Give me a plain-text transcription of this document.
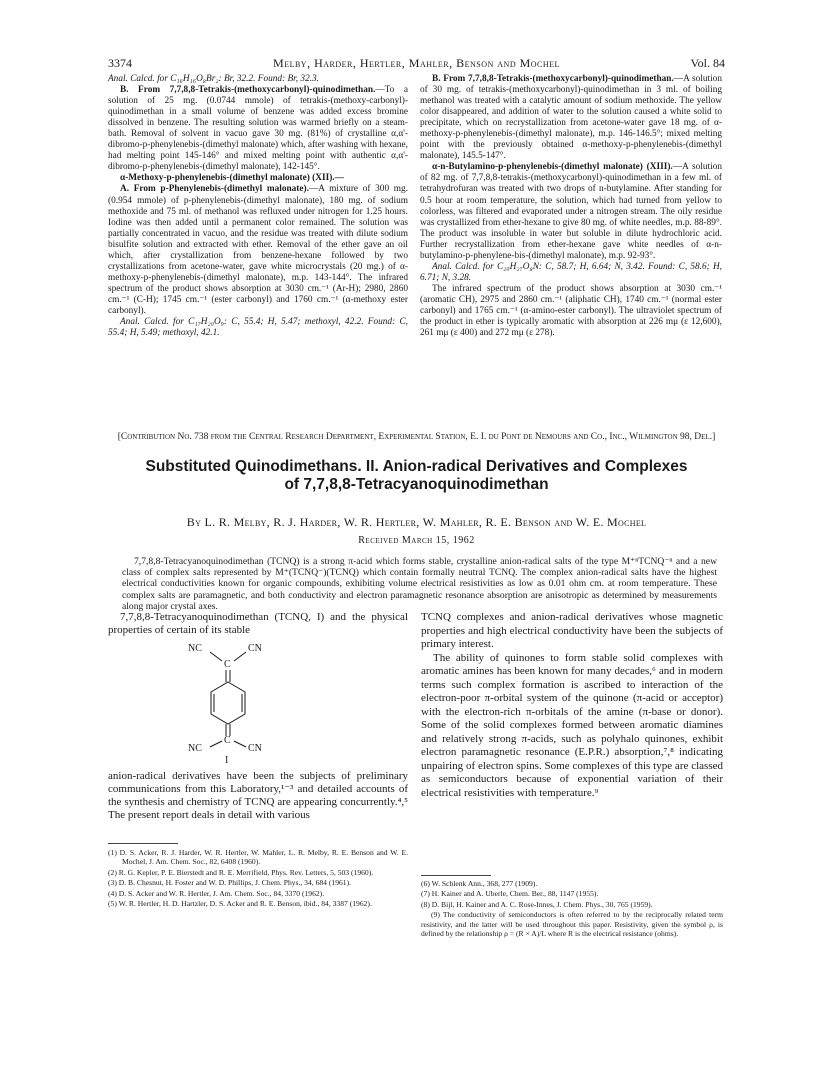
3374	Melby, Harder, Hertler, Mahler, Benson and Mochel	Vol. 84

Anal. Calcd. for C₁₆H₁₆O₈Br₂: Br, 32.2. Found: Br, 32.3.

B. From 7,7,8,8-Tetrakis-(methoxycarbonyl)-quinodimethan.—To a solution of 25 mg. (0.0744 mmole) of tetrakis-(methoxy-carbonyl)-quinodimethan in a small volume of benzene was added excess bromine dissolved in benzene. The resulting solution was warmed briefly on a steam-bath. Removal of solvent in vacuo gave 30 mg. (81%) of crystalline α,α'-dibromo-p-phenylenebis-(dimethyl malonate) which, after washing with hexane, had melting point 145-146° and mixed melting point with authentic α,α'-dibromo-p-phenylenebis-(dimethyl malonate), 142-145°.

α-Methoxy-p-phenylenebis-(dimethyl malonate) (XII).—

A. From p-Phenylenebis-(dimethyl malonate).—A mixture of 300 mg. (0.954 mmole) of p-phenylenebis-(dimethyl malonate), 180 mg. of sodium methoxide and 75 ml. of methanol was refluxed under nitrogen for 1.25 hours. Iodine was then added until a permanent color remained. The solution was partially concentrated in vacuo, and the residue was treated with dilute sodium bisulfite solution and extracted with ether. Removal of the ether gave an oil which, after crystallization from benzene-hexane followed by two crystallizations from acetone-water, gave white microcrystals (20 mg.) of α-methoxy-p-phenylenebis-(dimethyl malonate), m.p. 143-144°. The infrared spectrum of the product shows absorption at 3030 cm.⁻¹ (Ar-H); 2980, 2860 cm.⁻¹ (C-H); 1745 cm.⁻¹ (ester carbonyl) and 1760 cm.⁻¹ (α-methoxy ester carbonyl).

Anal. Calcd. for C₁₇H₂₀O₉: C, 55.4; H, 5.47; methoxyl, 42.2. Found: C, 55.4; H, 5.49; methoxyl, 42.1.

B. From 7,7,8,8-Tetrakis-(methoxycarbonyl)-quinodimethan.—A solution of 30 mg. of tetrakis-(methoxycarbonyl)-quinodimethan in 3 ml. of boiling methanol was treated with a catalytic amount of sodium methoxide. The yellow color disappeared, and addition of water to the solution caused a white solid to precipitate, which on recrystallization from acetone-water gave 18 mg. of α-methoxy-p-phenylenebis-(dimethyl malonate), m.p. 146-146.5°; mixed melting point with the previously obtained α-methoxy-p-phenylenebis-(dimethyl malonate), 145.5-147°.

α-n-Butylamino-p-phenylenebis-(dimethyl malonate) (XIII).—A solution of 82 mg. of 7,7,8,8-tetrakis-(methoxycarbonyl)-quinodimethan in a few ml. of tetrahydrofuran was treated with two drops of n-butylamine. After standing for 0.5 hour at room temperature, the solution, which had turned from yellow to colorless, was filtered and evaporated under a nitrogen stream. The oily residue was crystallized from ether-hexane to give 80 mg. of white needles, m.p. 88-89°. The product was insoluble in water but soluble in dilute hydrochloric acid. Further recrystallization from ether-hexane gave white needles of α-n-butylamino-p-phenylene-bis-(dimethyl malonate), m.p. 92-93°.

Anal. Calcd. for C₂₀H₂₇O₈N: C, 58.7; H, 6.64; N, 3.42. Found: C, 58.6; H, 6.71; N, 3.28.

The infrared spectrum of the product shows absorption at 3030 cm.⁻¹ (aromatic CH), 2975 and 2860 cm.⁻¹ (aliphatic CH), 1740 cm.⁻¹ (normal ester carbonyl) and 1765 cm.⁻¹ (α-amino-ester carbonyl). The ultraviolet spectrum of the product in ether is typically aromatic with absorption at 226 mμ (ε 12,600), 261 mμ (ε 400) and 272 mμ (ε 278).

[Contribution No. 738 from the Central Research Department, Experimental Station, E. I. du Pont de Nemours and Co., Inc., Wilmington 98, Del.]
Substituted Quinodimethans. II. Anion-radical Derivatives and Complexes
of 7,7,8,8-Tetracyanoquinodimethan
By L. R. Melby, R. J. Harder, W. R. Hertler, W. Mahler, R. E. Benson and W. E. Mochel
Received March 15, 1962

7,7,8,8-Tetracyanoquinodimethan (TCNQ) is a strong π-acid which forms stable, crystalline anion-radical salts of the type M⁺ⁿTCNQ⁻ⁿ and a new class of complex salts represented by M⁺(TCNQ⁻)(TCNQ) which contain formally neutral TCNQ. The complex anion-radical salts have the highest electrical conductivities known for organic compounds, exhibiting volume electrical resistivities as low as 0.01 ohm cm. at room temperature. These complex salts are paramagnetic, and both conductivity and electron paramagnetic resonance absorption are anisotropic as determined by measurements along major crystal axes.

7,7,8,8-Tetracyanoquinodimethan (TCNQ, I) and the physical properties of certain of its stable

NC	CN
C
C
NC	CN
I

anion-radical derivatives have been the subjects of preliminary communications from this Laboratory,¹⁻³ and detailed accounts of the synthesis and chemistry of TCNQ are appearing concurrently.⁴,⁵ The present report deals in detail with various

TCNQ complexes and anion-radical derivatives whose magnetic properties and high electrical conductivity have been the subjects of primary interest.

The ability of quinones to form stable solid complexes with aromatic amines has been known for many decades,⁶ and in modern terms such complex formation is ascribed to interaction of the electron-poor π-orbital system of the quinone (π-acid or acceptor) with the electron-rich π-orbitals of the amine (π-base or donor). Some of the solid complexes formed between aromatic diamines and relatively strong π-acids, such as polyhalo quinones, exhibit electron paramagnetic resonance (E.P.R.) absorption,⁷,⁸ indicating unpairing of electron spins. Some complexes of this type are classed as semiconductors because of exponential variation of their electrical resistivities with temperature.⁹

(1) D. S. Acker, R. J. Harder, W. R. Hertler, W. Mahler, L. R. Melby, R. E. Benson and W. E. Mochel, J. Am. Chem. Soc., 82, 6408 (1960).
(2) R. G. Kepler, P. E. Bierstedt and R. E. Merrifield, Phys. Rev. Letters, 5, 503 (1960).
(3) D. B. Chesnut, H. Foster and W. D. Phillips, J. Chem. Phys., 34, 684 (1961).
(4) D. S. Acker and W. R. Hertler, J. Am. Chem. Soc., 84, 3370 (1962).
(5) W. R. Hertler, H. D. Hartzler, D. S. Acker and R. E. Benson, ibid., 84, 3387 (1962).
(6) W. Schlenk Ann., 368, 277 (1909).
(7) H. Kainer and A. Uberle, Chem. Ber., 88, 1147 (1955).
(8) D. Bijl, H. Kainer and A. C. Rose-Innes, J. Chem. Phys., 30, 765 (1959).
(9) The conductivity of semiconductors is often referred to by the reciprocally related term resistivity, and the latter will be used throughout this paper. Resistivity, given the symbol ρ, is defined by the relationship ρ = (R × A)/L where R is the electrical resistance (ohms).
